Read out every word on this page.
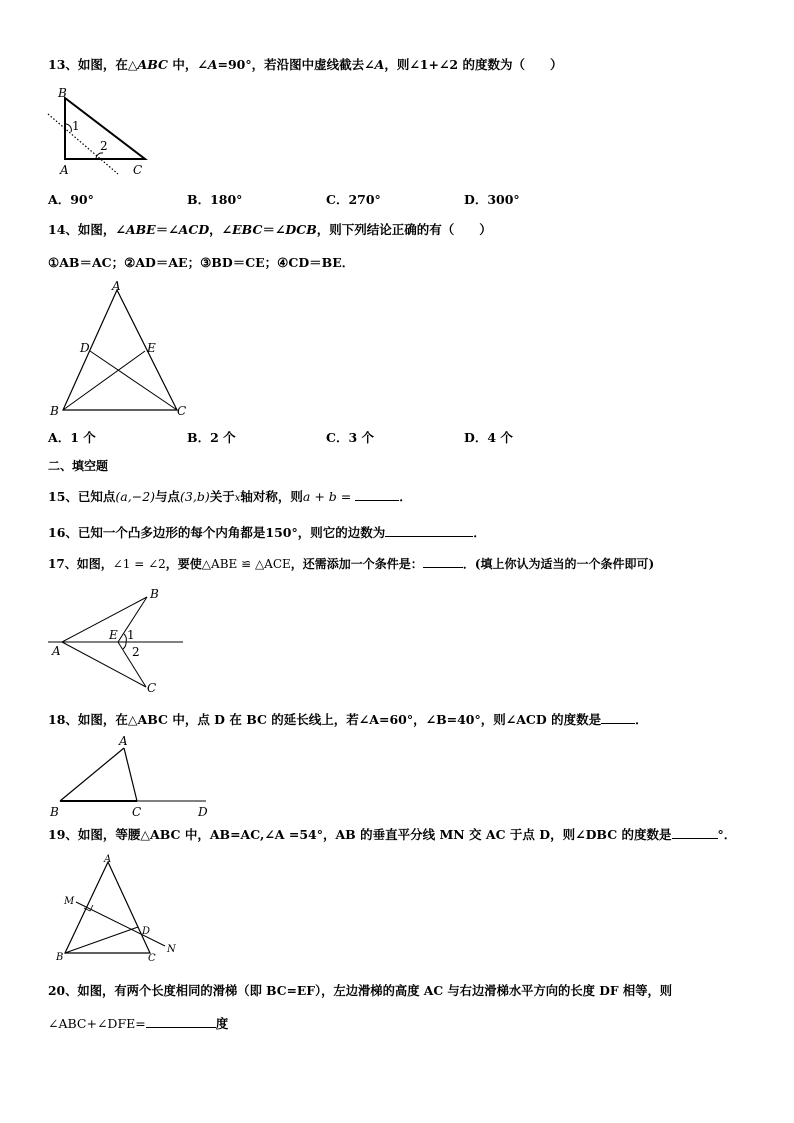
13、如图，在△ABC 中，∠A=90°，若沿图中虚线截去∠A，则∠1+∠2 的度数为（　　）
B
1
2
A	C
A．90°	B．180°	C．270°	D．300°
14、如图，∠ABE＝∠ACD，∠EBC＝∠DCB，则下列结论正确的有（　　）
①AB＝AC；②AD＝AE；③BD＝CE；④CD＝BE．
A
D	E
B	C
A．1 个	B．2 个	C．3 个	D．4 个
二、填空题
15、已知点(a,−2)与点(3,b)关于x轴对称，则a + b =	．
16、已知一个凸多边形的每个内角都是150°，则它的边数为	．
17、如图，∠1 = ∠2，要使△ABE ≌ △ACE，还需添加一个条件是：	．(填上你认为适当的一个条件即可)
B
E 1
2
A
C
18、如图，在△ABC 中，点 D 在 BC 的延长线上，若∠A=60°，∠B=40°，则∠ACD 的度数是	．
A
B	C	D
19、如图，等腰△ABC 中，AB=AC,∠A =54°，AB 的垂直平分线 MN 交 AC 于点 D，则∠DBC 的度数是	°．
A
M
D
N
B	C
20、如图，有两个长度相同的滑梯（即 BC=EF），左边滑梯的高度 AC 与右边滑梯水平方向的长度 DF 相等，则
∠ABC+∠DFE=	度
